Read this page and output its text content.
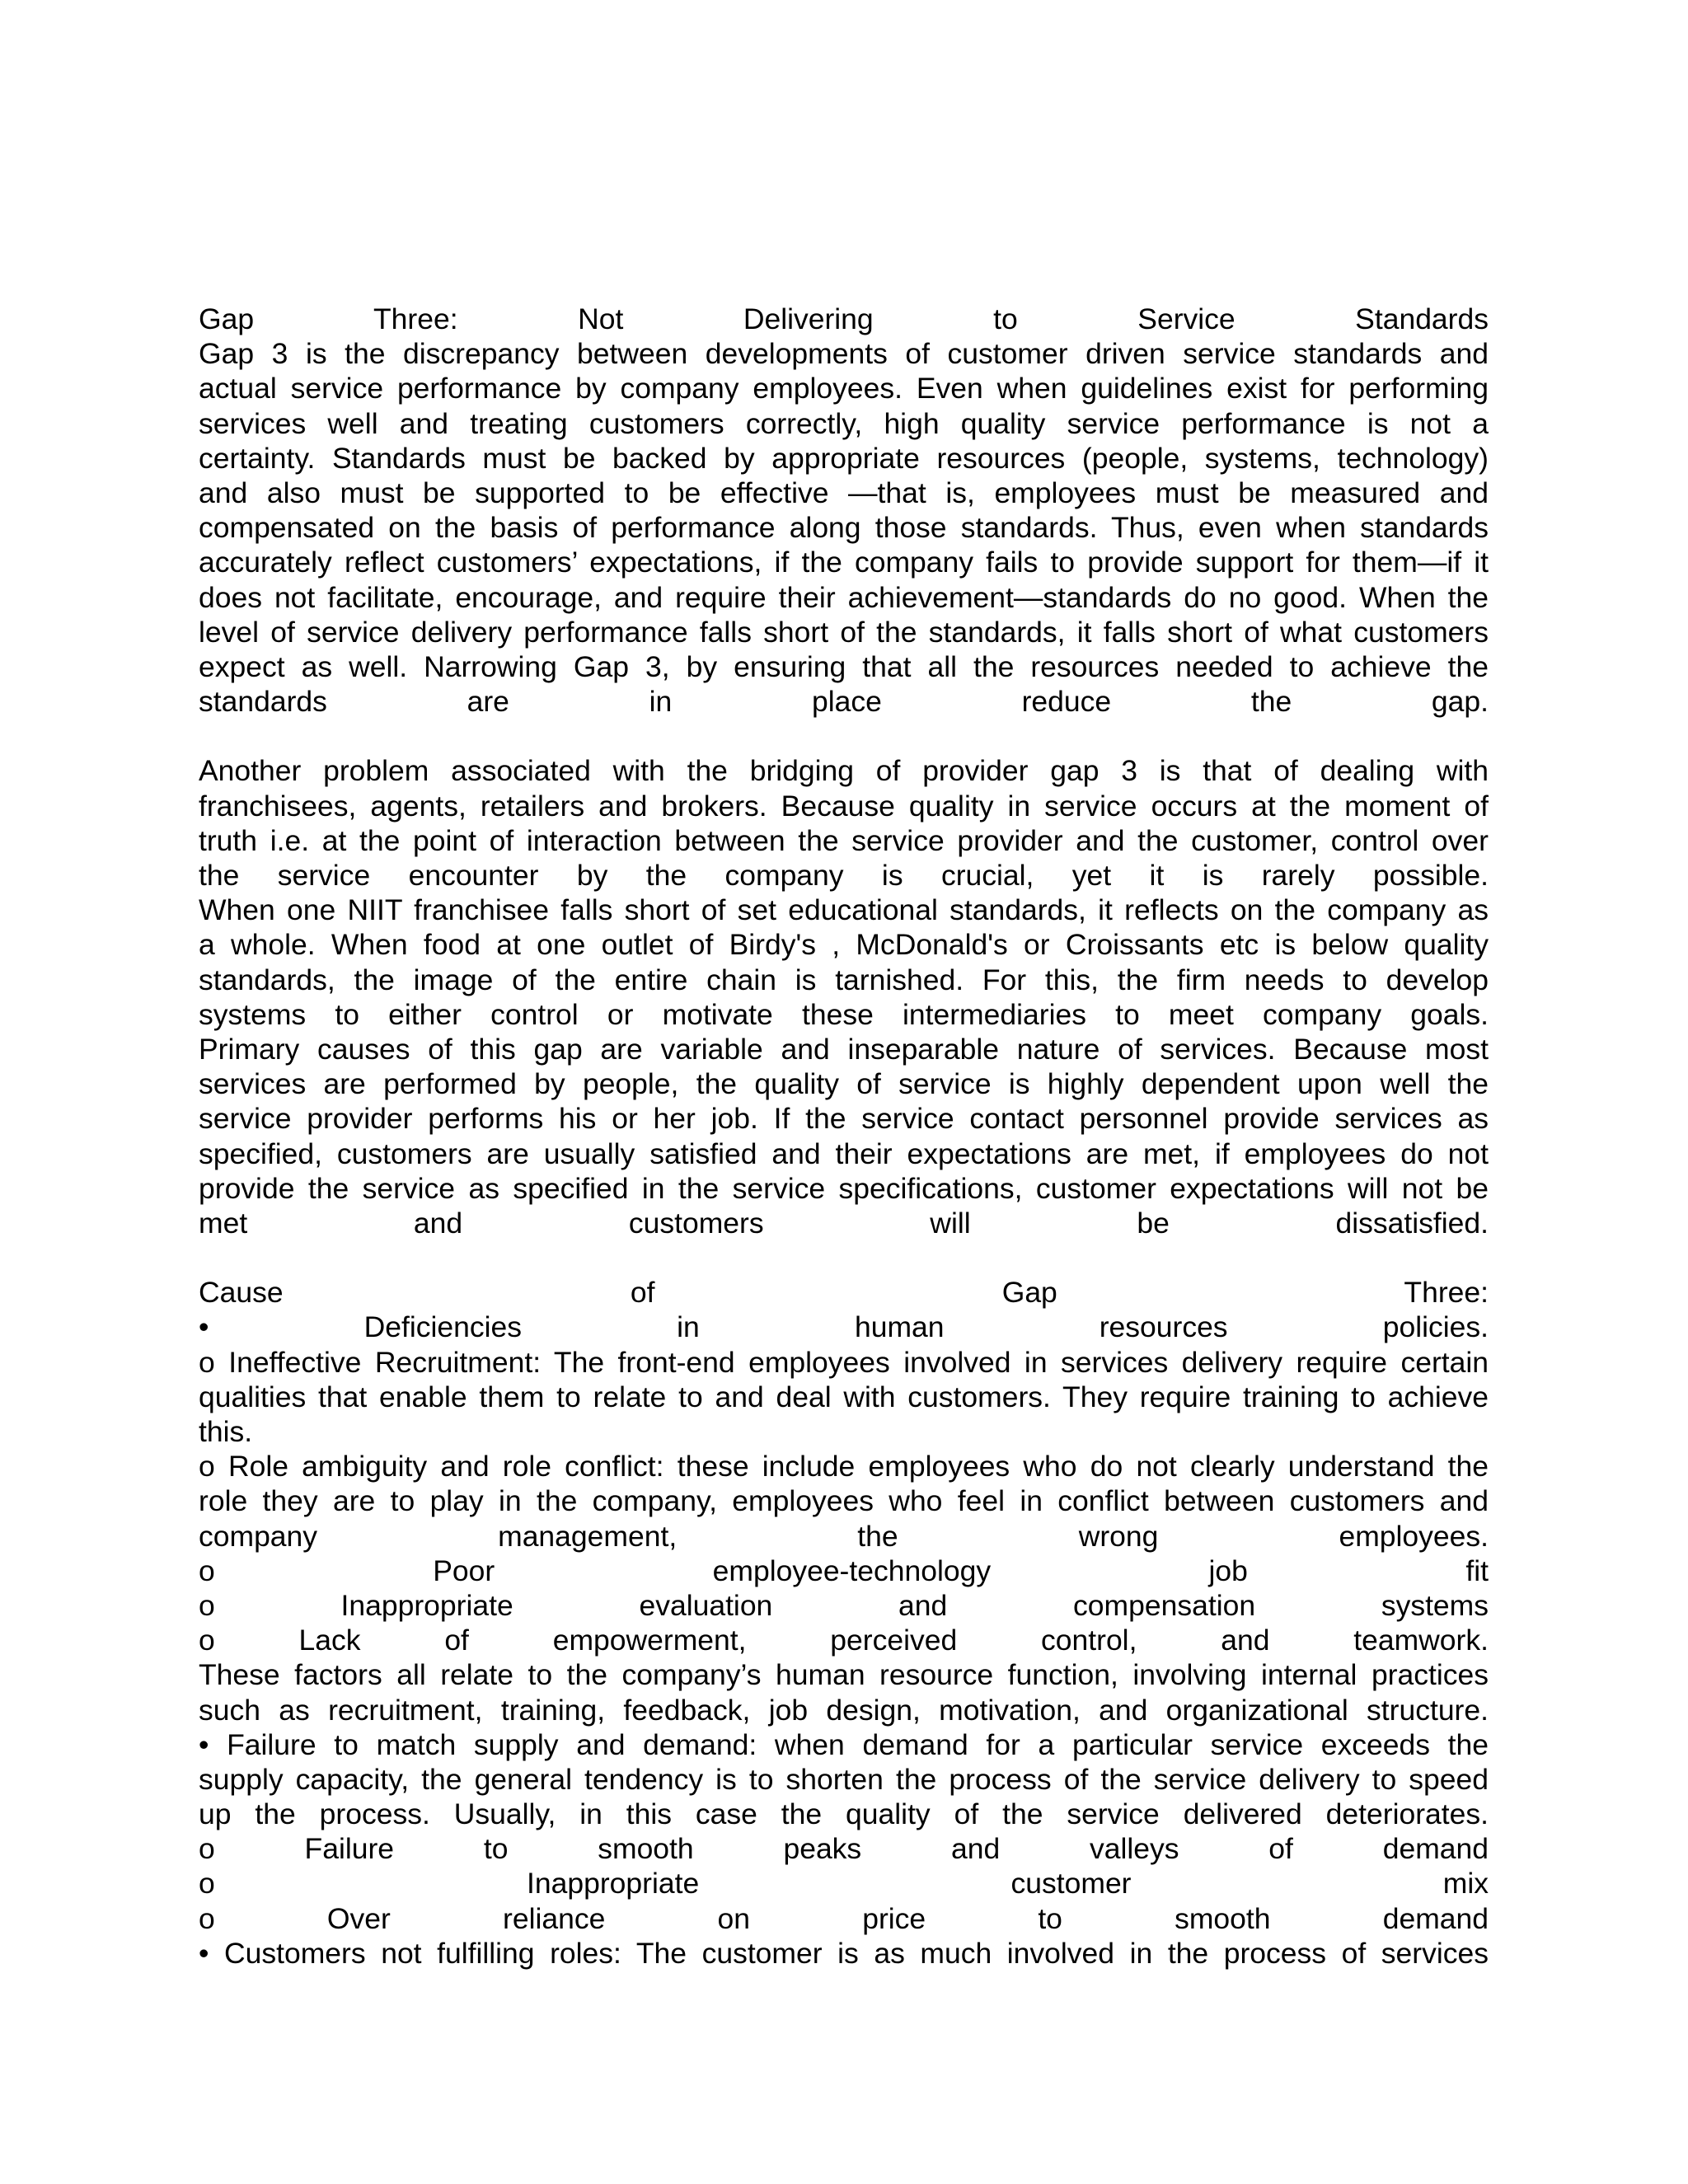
Gap Three: Not Delivering to Service Standards
Gap 3 is the discrepancy between developments of customer driven service standards and
actual service performance by company employees. Even when guidelines exist for performing
services well and treating customers correctly, high quality service performance is not a
certainty. Standards must be backed by appropriate resources (people, systems, technology)
and also must be supported to be effective —that is, employees must be measured and
compensated on the basis of performance along those standards. Thus, even when standards
accurately reflect customers’ expectations, if the company fails to provide support for them—if it
does not facilitate, encourage, and require their achievement—standards do no good. When the
level of service delivery performance falls short of the standards, it falls short of what customers
expect as well. Narrowing Gap 3, by ensuring that all the resources needed to achieve the
standards are in place reduce the gap.
Another problem associated with the bridging of provider gap 3 is that of dealing with
franchisees, agents, retailers and brokers. Because quality in service occurs at the moment of
truth i.e. at the point of interaction between the service provider and the customer, control over
the service encounter by the company is crucial, yet it is rarely possible.
When one NIIT franchisee falls short of set educational standards, it reflects on the company as
a whole. When food at one outlet of Birdy's , McDonald's or Croissants etc is below quality
standards, the image of the entire chain is tarnished. For this, the firm needs to develop
systems to either control or motivate these intermediaries to meet company goals.
Primary causes of this gap are variable and inseparable nature of services. Because most
services are performed by people, the quality of service is highly dependent upon well the
service provider performs his or her job. If the service contact personnel provide services as
specified, customers are usually satisfied and their expectations are met, if employees do not
provide the service as specified in the service specifications, customer expectations will not be
met and customers will be dissatisfied.
Cause of Gap Three:
• Deficiencies in human resources policies.
o Ineffective Recruitment: The front-end employees involved in services delivery require certain
qualities that enable them to relate to and deal with customers. They require training to achieve
this.
o Role ambiguity and role conflict: these include employees who do not clearly understand the
role they are to play in the company, employees who feel in conflict between customers and
company management, the wrong employees.
o Poor employee-technology job fit
o Inappropriate evaluation and compensation systems
o Lack of empowerment, perceived control, and teamwork.
These factors all relate to the company’s human resource function, involving internal practices
such as recruitment, training, feedback, job design, motivation, and organizational structure.
• Failure to match supply and demand: when demand for a particular service exceeds the
supply capacity, the general tendency is to shorten the process of the service delivery to speed
up the process. Usually, in this case the quality of the service delivered deteriorates.
o Failure to smooth peaks and valleys of demand
o Inappropriate customer mix
o Over reliance on price to smooth demand
• Customers not fulfilling roles: The customer is as much involved in the process of services
